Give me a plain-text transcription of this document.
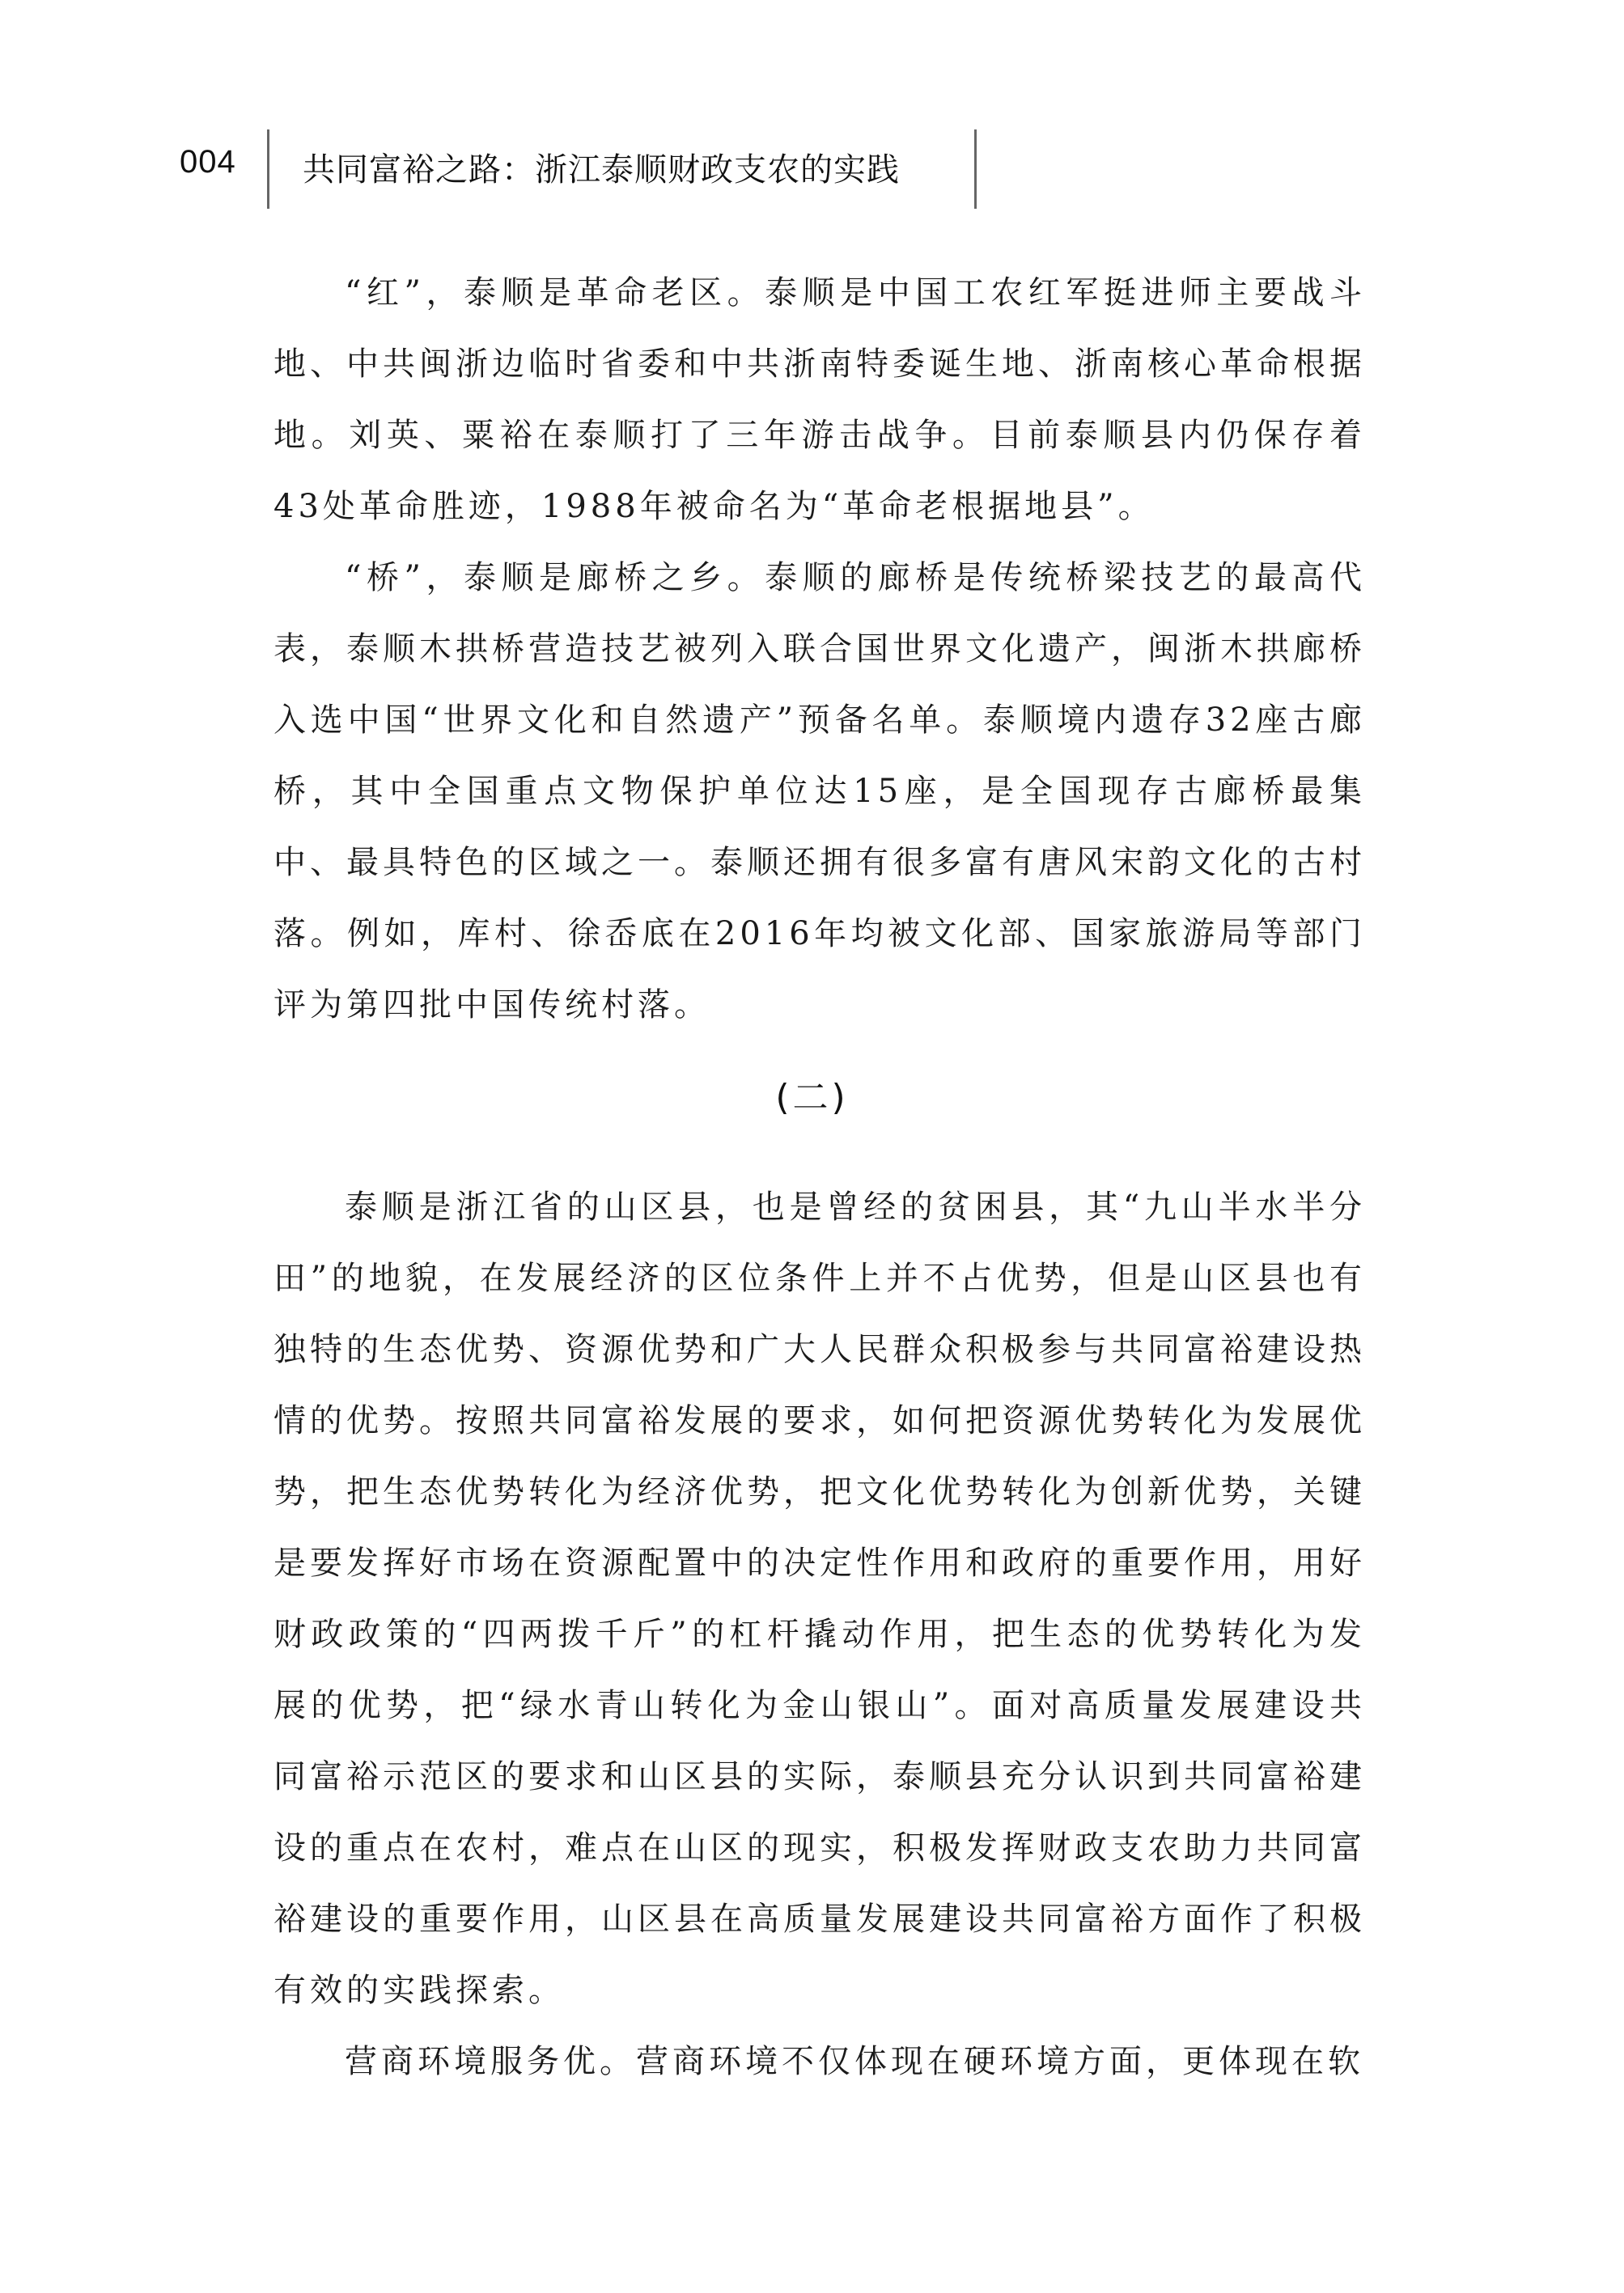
004 共同富裕之路：浙江泰顺财政支农的实践

“红”，泰顺是革命老区。泰顺是中国工农红军挺进师主要战斗地、中共闽浙边临时省委和中共浙南特委诞生地、浙南核心革命根据地。刘英、粟裕在泰顺打了三年游击战争。目前泰顺县内仍保存着43处革命胜迹，1988年被命名为“革命老根据地县”。

“桥”，泰顺是廊桥之乡。泰顺的廊桥是传统桥梁技艺的最高代表，泰顺木拱桥营造技艺被列入联合国世界文化遗产，闽浙木拱廊桥入选中国“世界文化和自然遗产”预备名单。泰顺境内遗存32座古廊桥，其中全国重点文物保护单位达15座，是全国现存古廊桥最集中、最具特色的区域之一。泰顺还拥有很多富有唐风宋韵文化的古村落。例如，库村、徐岙底在2016年均被文化部、国家旅游局等部门评为第四批中国传统村落。

(二)

泰顺是浙江省的山区县，也是曾经的贫困县，其“九山半水半分田”的地貌，在发展经济的区位条件上并不占优势，但是山区县也有独特的生态优势、资源优势和广大人民群众积极参与共同富裕建设热情的优势。按照共同富裕发展的要求，如何把资源优势转化为发展优势，把生态优势转化为经济优势，把文化优势转化为创新优势，关键是要发挥好市场在资源配置中的决定性作用和政府的重要作用，用好财政政策的“四两拨千斤”的杠杆撬动作用，把生态的优势转化为发展的优势，把“绿水青山转化为金山银山”。面对高质量发展建设共同富裕示范区的要求和山区县的实际，泰顺县充分认识到共同富裕建设的重点在农村，难点在山区的现实，积极发挥财政支农助力共同富裕建设的重要作用，山区县在高质量发展建设共同富裕方面作了积极有效的实践探索。

营商环境服务优。营商环境不仅体现在硬环境方面，更体现在软
